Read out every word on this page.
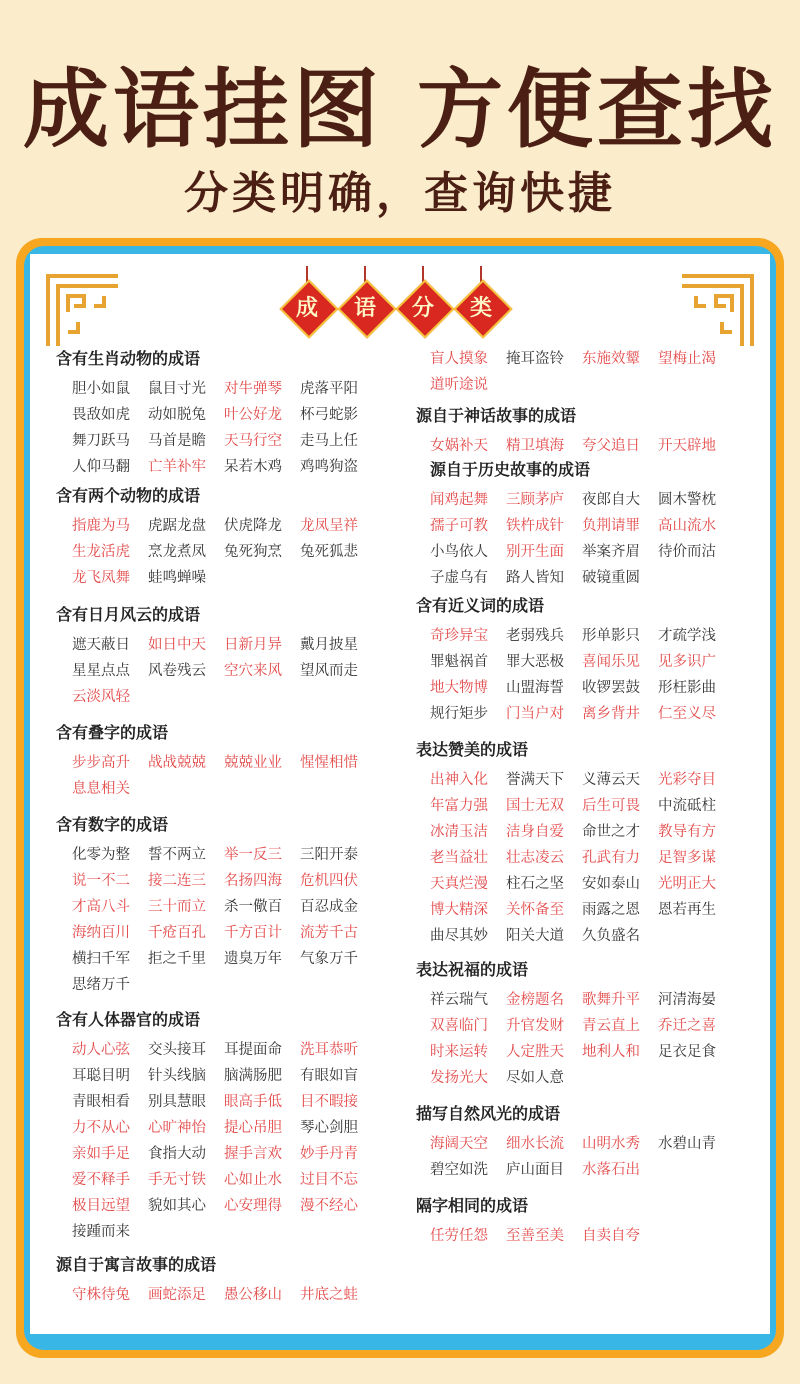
成语挂图 方便查找
分类明确，查询快捷
成	语	分	类
含有生肖动物的成语
胆小如鼠	鼠目寸光	对牛弹琴	虎落平阳
畏敌如虎	动如脱兔	叶公好龙	杯弓蛇影
舞刀跃马	马首是瞻	天马行空	走马上任
人仰马翻	亡羊补牢	呆若木鸡	鸡鸣狗盗
含有两个动物的成语
指鹿为马	虎踞龙盘	伏虎降龙	龙凤呈祥
生龙活虎	烹龙煮凤	兔死狗烹	兔死狐悲
龙飞凤舞	蛙鸣蝉噪
含有日月风云的成语
遮天蔽日	如日中天	日新月异	戴月披星
星星点点	风卷残云	空穴来风	望风而走
云淡风轻
含有叠字的成语
步步高升	战战兢兢	兢兢业业	惺惺相惜
息息相关
含有数字的成语
化零为整	誓不两立	举一反三	三阳开泰
说一不二	接二连三	名扬四海	危机四伏
才高八斗	三十而立	杀一儆百	百忍成金
海纳百川	千疮百孔	千方百计	流芳千古
横扫千军	拒之千里	遗臭万年	气象万千
思绪万千
含有人体器官的成语
动人心弦	交头接耳	耳提面命	洗耳恭听
耳聪目明	针头线脑	脑满肠肥	有眼如盲
青眼相看	别具慧眼	眼高手低	目不暇接
力不从心	心旷神怡	提心吊胆	琴心剑胆
亲如手足	食指大动	握手言欢	妙手丹青
爱不释手	手无寸铁	心如止水	过目不忘
极目远望	貌如其心	心安理得	漫不经心
接踵而来
源自于寓言故事的成语
守株待兔	画蛇添足	愚公移山	井底之蛙
盲人摸象	掩耳盗铃	东施效颦	望梅止渴
道听途说
源自于神话故事的成语
女娲补天	精卫填海	夸父追日	开天辟地
源自于历史故事的成语
闻鸡起舞	三顾茅庐	夜郎自大	圆木警枕
孺子可教	铁杵成针	负荆请罪	高山流水
小鸟依人	别开生面	举案齐眉	待价而沽
子虚乌有	路人皆知	破镜重圆
含有近义词的成语
奇珍异宝	老弱残兵	形单影只	才疏学浅
罪魁祸首	罪大恶极	喜闻乐见	见多识广
地大物博	山盟海誓	收锣罢鼓	形枉影曲
规行矩步	门当户对	离乡背井	仁至义尽
表达赞美的成语
出神入化	誉满天下	义薄云天	光彩夺目
年富力强	国士无双	后生可畏	中流砥柱
冰清玉洁	洁身自爱	命世之才	教导有方
老当益壮	壮志凌云	孔武有力	足智多谋
天真烂漫	柱石之坚	安如泰山	光明正大
博大精深	关怀备至	雨露之恩	恩若再生
曲尽其妙	阳关大道	久负盛名
表达祝福的成语
祥云瑞气	金榜题名	歌舞升平	河清海晏
双喜临门	升官发财	青云直上	乔迁之喜
时来运转	人定胜天	地利人和	足衣足食
发扬光大	尽如人意
描写自然风光的成语
海阔天空	细水长流	山明水秀	水碧山青
碧空如洗	庐山面目	水落石出
隔字相同的成语
任劳任怨	至善至美	自卖自夸
